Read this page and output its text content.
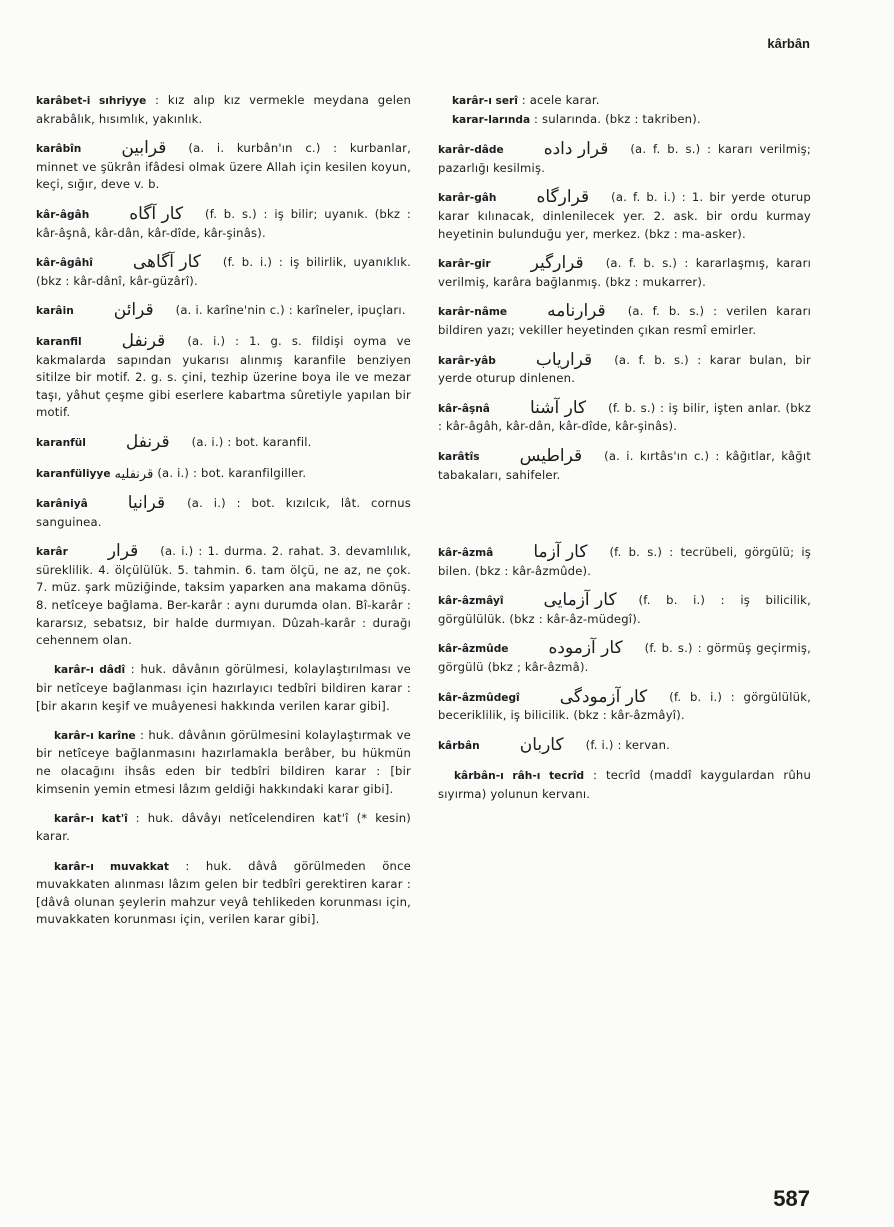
kârbân

karâbet-i sıhriyye : kız alıp kız vermekle meydana gelen akrabâlık, hısımlık, yakınlık.

karâbîn قرابين (a. i. kurbân'ın c.) : kurbanlar, minnet ve şükrân ifâdesi olmak üzere Allah için kesilen koyun, keçi, sığır, deve v. b.

kâr-âgâh كار آگاه (f. b. s.) : iş bilir; uyanık. (bkz : kâr-âşnâ, kâr-dân, kâr-dîde, kâr-şinâs).

kâr-âgâhî كار آگاهى (f. b. i.) : iş bilirlik, uyanıklık. (bkz : kâr-dânî, kâr-güzârî).

karâin قرائن (a. i. karîne'nin c.) : karîneler, ipuçları.

karanfil قرنفل (a. i.) : 1. g. s. fildişi oyma ve kakmalarda sapından yukarısı alınmış karanfile benziyen sitilze bir motif. 2. g. s. çini, tezhip üzerine boya ile ve mezar taşı, yâhut çeşme gibi eserlere kabartma sûretiyle yapılan bir motif.

karanfül قرنفل (a. i.) : bot. karanfil.

karanfüliyye قرنفليه (a. i.) : bot. karanfilgiller.

karâniyâ قرانيا (a. i.) : bot. kızılcık, lât. cornus sanguinea.

karâr قرار (a. i.) : 1. durma. 2. rahat. 3. devamlılık, süreklilik. 4. ölçülülük. 5. tahmin. 6. tam ölçü, ne az, ne çok. 7. müz. şark müziğinde, taksim yaparken ana makama dönüş. 8. netîceye bağlama. Ber-karâr : aynı durumda olan. Bî-karâr : kararsız, sebatsız, bir halde durmıyan. Dûzah-karâr : durağı cehennem olan.

karâr-ı dâdî : huk. dâvânın görülmesi, kolaylaştırılması ve bir netîceye bağlanması için hazırlayıcı tedbîri bildiren karar : [bir akarın keşif ve muâyenesi hakkında verilen karar gibi].

karâr-ı karîne : huk. dâvânın görülmesini kolaylaştırmak ve bir netîceye bağlanmasını hazırlamakla berâber, bu hükmün ne olacağını ihsâs eden bir tedbîri bildiren karar : [bir kimsenin yemin etmesi lâzım geldiği hakkındaki karar gibi].

karâr-ı kat'î : huk. dâvâyı netîcelendiren kat'î (* kesin) karar.

karâr-ı muvakkat : huk. dâvâ görülmeden önce muvakkaten alınması lâzım gelen bir tedbîri gerektiren karar : [dâvâ olunan şeylerin mahzur veyâ tehlikeden korunması için, muvakkaten korunması için, verilen karar gibi].

karâr-ı serî : acele karar.

karar-larında : sularında. (bkz : takriben).

karâr-dâde قرار داده (a. f. b. s.) : kararı verilmiş; pazarlığı kesilmiş.

karâr-gâh قرارگاه (a. f. b. i.) : 1. bir yerde oturup karar kılınacak, dinlenilecek yer. 2. ask. bir ordu kurmay heyetinin bulunduğu yer, merkez. (bkz : ma-asker).

karâr-gir قرارگير (a. f. b. s.) : kararlaşmış, kararı verilmiş, karâra bağlanmış. (bkz : mukarrer).

karâr-nâme قرارنامه (a. f. b. s.) : verilen kararı bildiren yazı; vekiller heyetinden çıkan resmî emirler.

karâr-yâb قراریاب (a. f. b. s.) : karar bulan, bir yerde oturup dinlenen.

kâr-âşnâ كار آشنا (f. b. s.) : iş bilir, işten anlar. (bkz : kâr-âgâh, kâr-dân, kâr-dîde, kâr-şinâs).

karâtîs قراطيس (a. i. kırtâs'ın c.) : kâğıtlar, kâğıt tabakaları, sahifeler.

kâr-âzmâ كار آزما (f. b. s.) : tecrübeli, görgülü; iş bilen. (bkz : kâr-âzmûde).

kâr-âzmâyî كار آزمايى (f. b. i.) : iş bilicilik, görgülülük. (bkz : kâr-âz-müdegî).

kâr-âzmûde كار آزموده (f. b. s.) : görmüş geçirmiş, görgülü (bkz ; kâr-âzmâ).

kâr-âzmûdegî كار آزمودگى (f. b. i.) : görgülülük, beceriklilik, iş bilicilik. (bkz : kâr-âzmâyî).

kârbân كاربان (f. i.) : kervan.

kârbân-ı râh-ı tecrîd : tecrîd (maddî kaygulardan rûhu sıyırma) yolunun kervanı.

587
